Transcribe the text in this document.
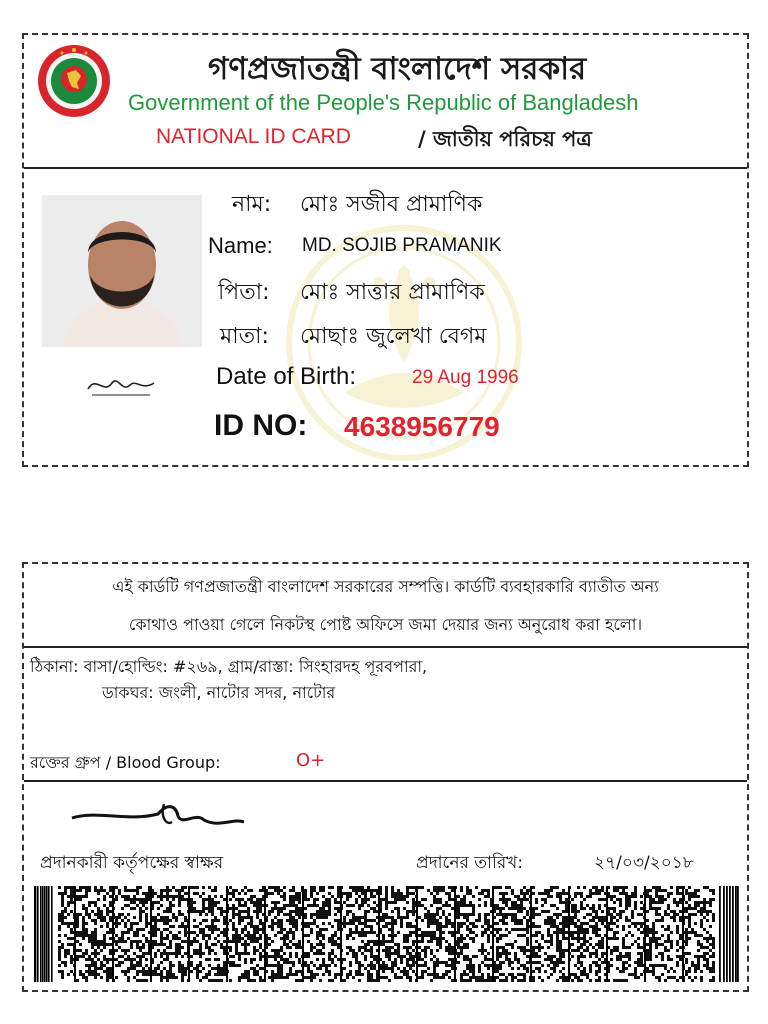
গণপ্রজাতন্ত্রী বাংলাদেশ সরকার
Government of the People's Republic of Bangladesh
NATIONAL ID CARD	/ জাতীয় পরিচয় পত্র
নাম: মোঃ সজীব প্রামাণিক
Name: MD. SOJIB PRAMANIK
পিতা: মোঃ সাত্তার প্রামাণিক
মাতা: মোছাঃ জুলেখা বেগম
Date of Birth:	29 Aug 1996
ID NO: 4638956779
এই কার্ডটি গণপ্রজাতন্ত্রী বাংলাদেশ সরকারের সম্পত্তি। কার্ডটি ব্যবহারকারি ব্যাতীত অন্য
কোথাও পাওয়া গেলে নিকটস্থ পোষ্ট অফিসে জমা দেয়ার জন্য অনুরোধ করা হলো।
ঠিকানা: বাসা/হোল্ডিং: #২৬৯, গ্রাম/রাস্তা: সিংহারদহ পূরবপারা,
ডাকঘর: জংলী, নাটোর সদর, নাটোর
রক্তের গ্রুপ / Blood Group:	O+
প্রদানকারী কর্তৃপক্ষের স্বাক্ষর	প্রদানের তারিখ:	২৭/০৩/২০১৮
